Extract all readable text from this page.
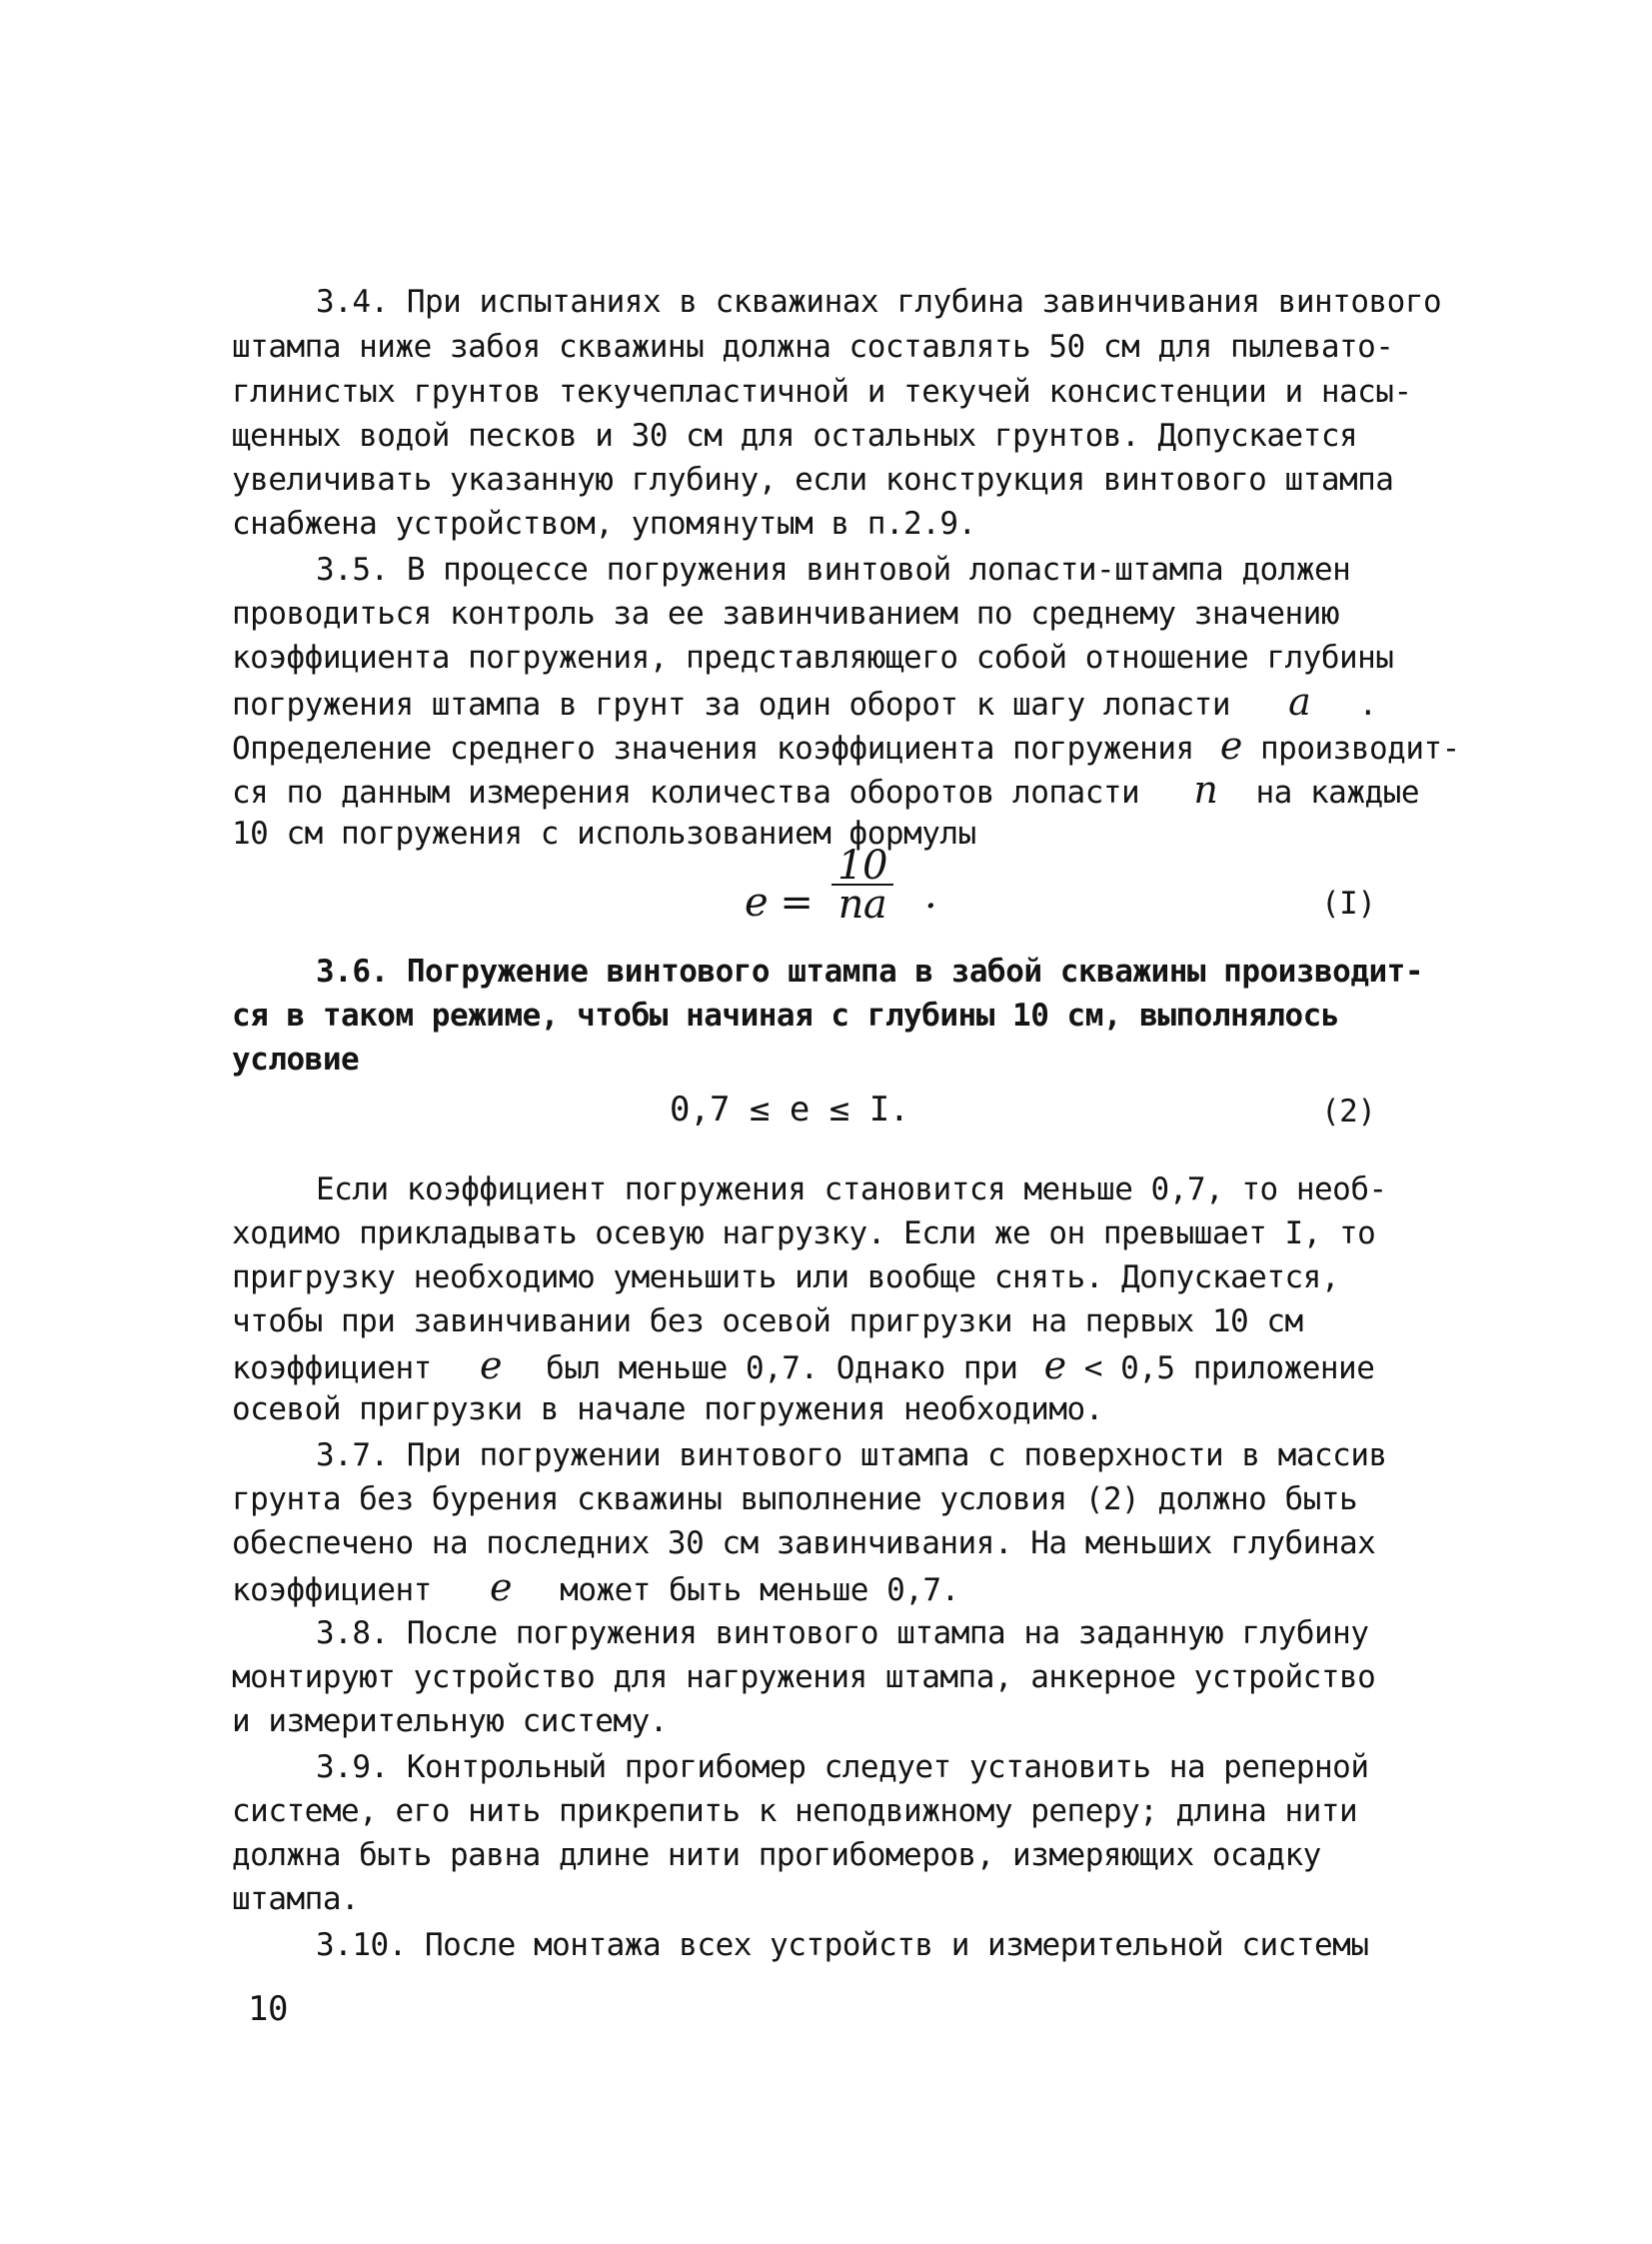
3.4. При испытаниях в скважинах глубина завинчивания винтового
штампа ниже забоя скважины должна составлять 50 см для пылевато-
глинистых грунтов текучепластичной и текучей консистенции и насы-
щенных водой песков и 30 см для остальных грунтов. Допускается
увеличивать указанную глубину, если конструкция винтового штампа
снабжена устройством, упомянутым в п.2.9.
3.5. В процессе погружения винтовой лопасти-штампа должен
проводиться контроль за ее завинчиванием по среднему значению
коэффициента погружения, представляющего собой отношение глубины
погружения штампа в грунт за один оборот к шагу лопасти a .
Определение среднего значения коэффициента погружения e производит-
ся по данным измерения количества оборотов лопасти n на каждые
10 см погружения с использованием формулы
$e = \frac{10}{na}$ ·	(I)
3.6. Погружение винтового штампа в забой скважины производит-
ся в таком режиме, чтобы начиная с глубины 10 см, выполнялось
условие
0,7 ≤ e ≤ I.	(2)
Если коэффициент погружения становится меньше 0,7, то необ-
ходимо прикладывать осевую нагрузку. Если же он превышает I, то
пригрузку необходимо уменьшить или вообще снять. Допускается,
чтобы при завинчивании без осевой пригрузки на первых 10 см
коэффициент e был меньше 0,7. Однако при e < 0,5 приложение
осевой пригрузки в начале погружения необходимо.
3.7. При погружении винтового штампа с поверхности в массив
грунта без бурения скважины выполнение условия (2) должно быть
обеспечено на последних 30 см завинчивания. На меньших глубинах
коэффициент e может быть меньше 0,7.
3.8. После погружения винтового штампа на заданную глубину
монтируют устройство для нагружения штампа, анкерное устройство
и измерительную систему.
3.9. Контрольный прогибомер следует установить на реперной
системе, его нить прикрепить к неподвижному реперу; длина нити
должна быть равна длине нити прогибомеров, измеряющих осадку
штампа.
3.10. После монтажа всех устройств и измерительной системы
10
